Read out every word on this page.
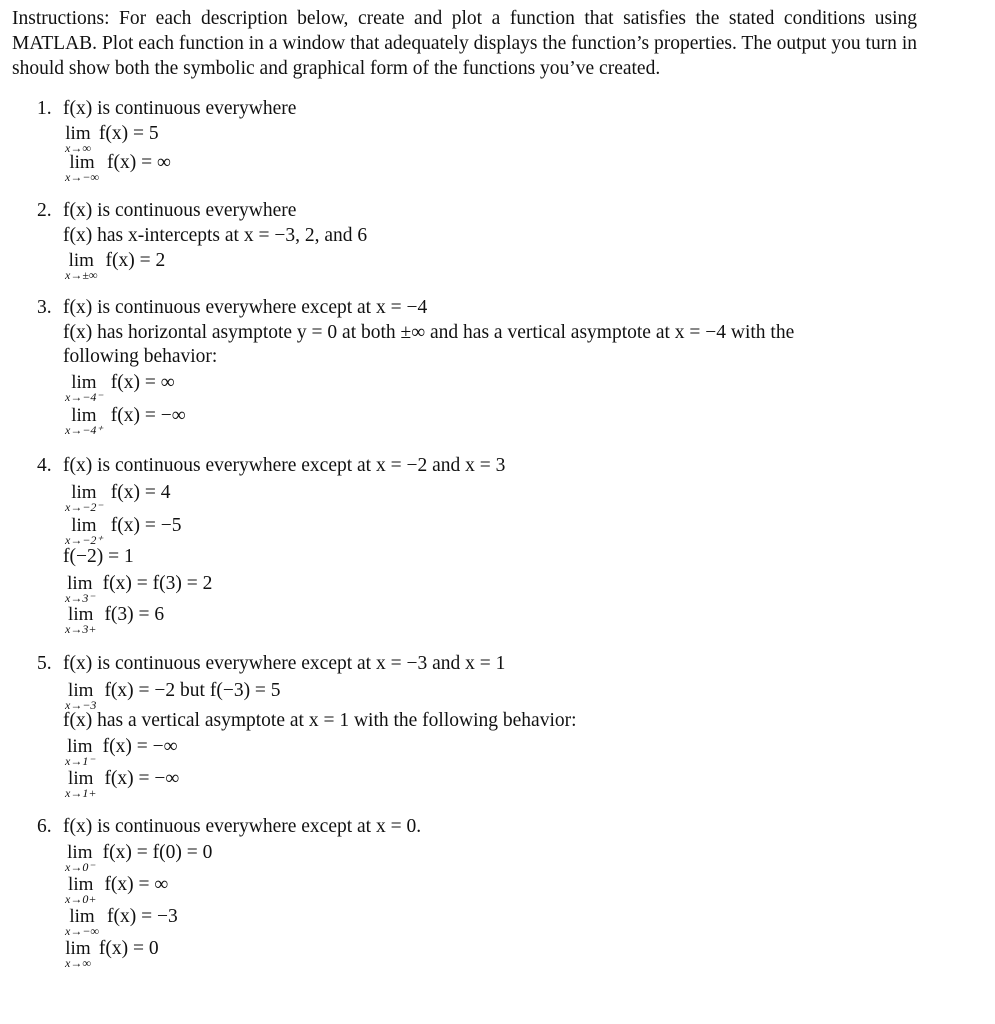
Instructions: For each description below, create and plot a function that satisfies the stated conditions using MATLAB. Plot each function in a window that adequately displays the function’s properties. The output you turn in should show both the symbolic and graphical form of the functions you’ve created.
1. f(x) is continuous everywhere
lim
x→∞
f(x) = 5
lim
x→−∞
f(x) = ∞
2. f(x) is continuous everywhere
f(x) has x-intercepts at x = −3, 2, and 6
lim
x→±∞
f(x) = 2
3. f(x) is continuous everywhere except at x = −4
f(x) has horizontal asymptote y = 0 at both ±∞ and has a vertical asymptote at x = −4 with the
following behavior:
lim
x→−4⁻
f(x) = ∞
lim
x→−4⁺
f(x) = −∞
4. f(x) is continuous everywhere except at x = −2 and x = 3
lim
x→−2⁻
f(x) = 4
lim
x→−2⁺
f(x) = −5
f(−2) = 1
lim
x→3⁻
f(x) = f(3) = 2
lim
x→3+
f(3) = 6
5. f(x) is continuous everywhere except at x = −3 and x = 1
lim
x→−3
f(x) = −2 but f(−3) = 5
f(x) has a vertical asymptote at x = 1 with the following behavior:
lim
x→1⁻
f(x) = −∞
lim
x→1+
f(x) = −∞
6. f(x) is continuous everywhere except at x = 0.
lim
x→0⁻
f(x) = f(0) = 0
lim
x→0+
f(x) = ∞
lim
x→−∞
f(x) = −3
lim
x→∞
f(x) = 0
